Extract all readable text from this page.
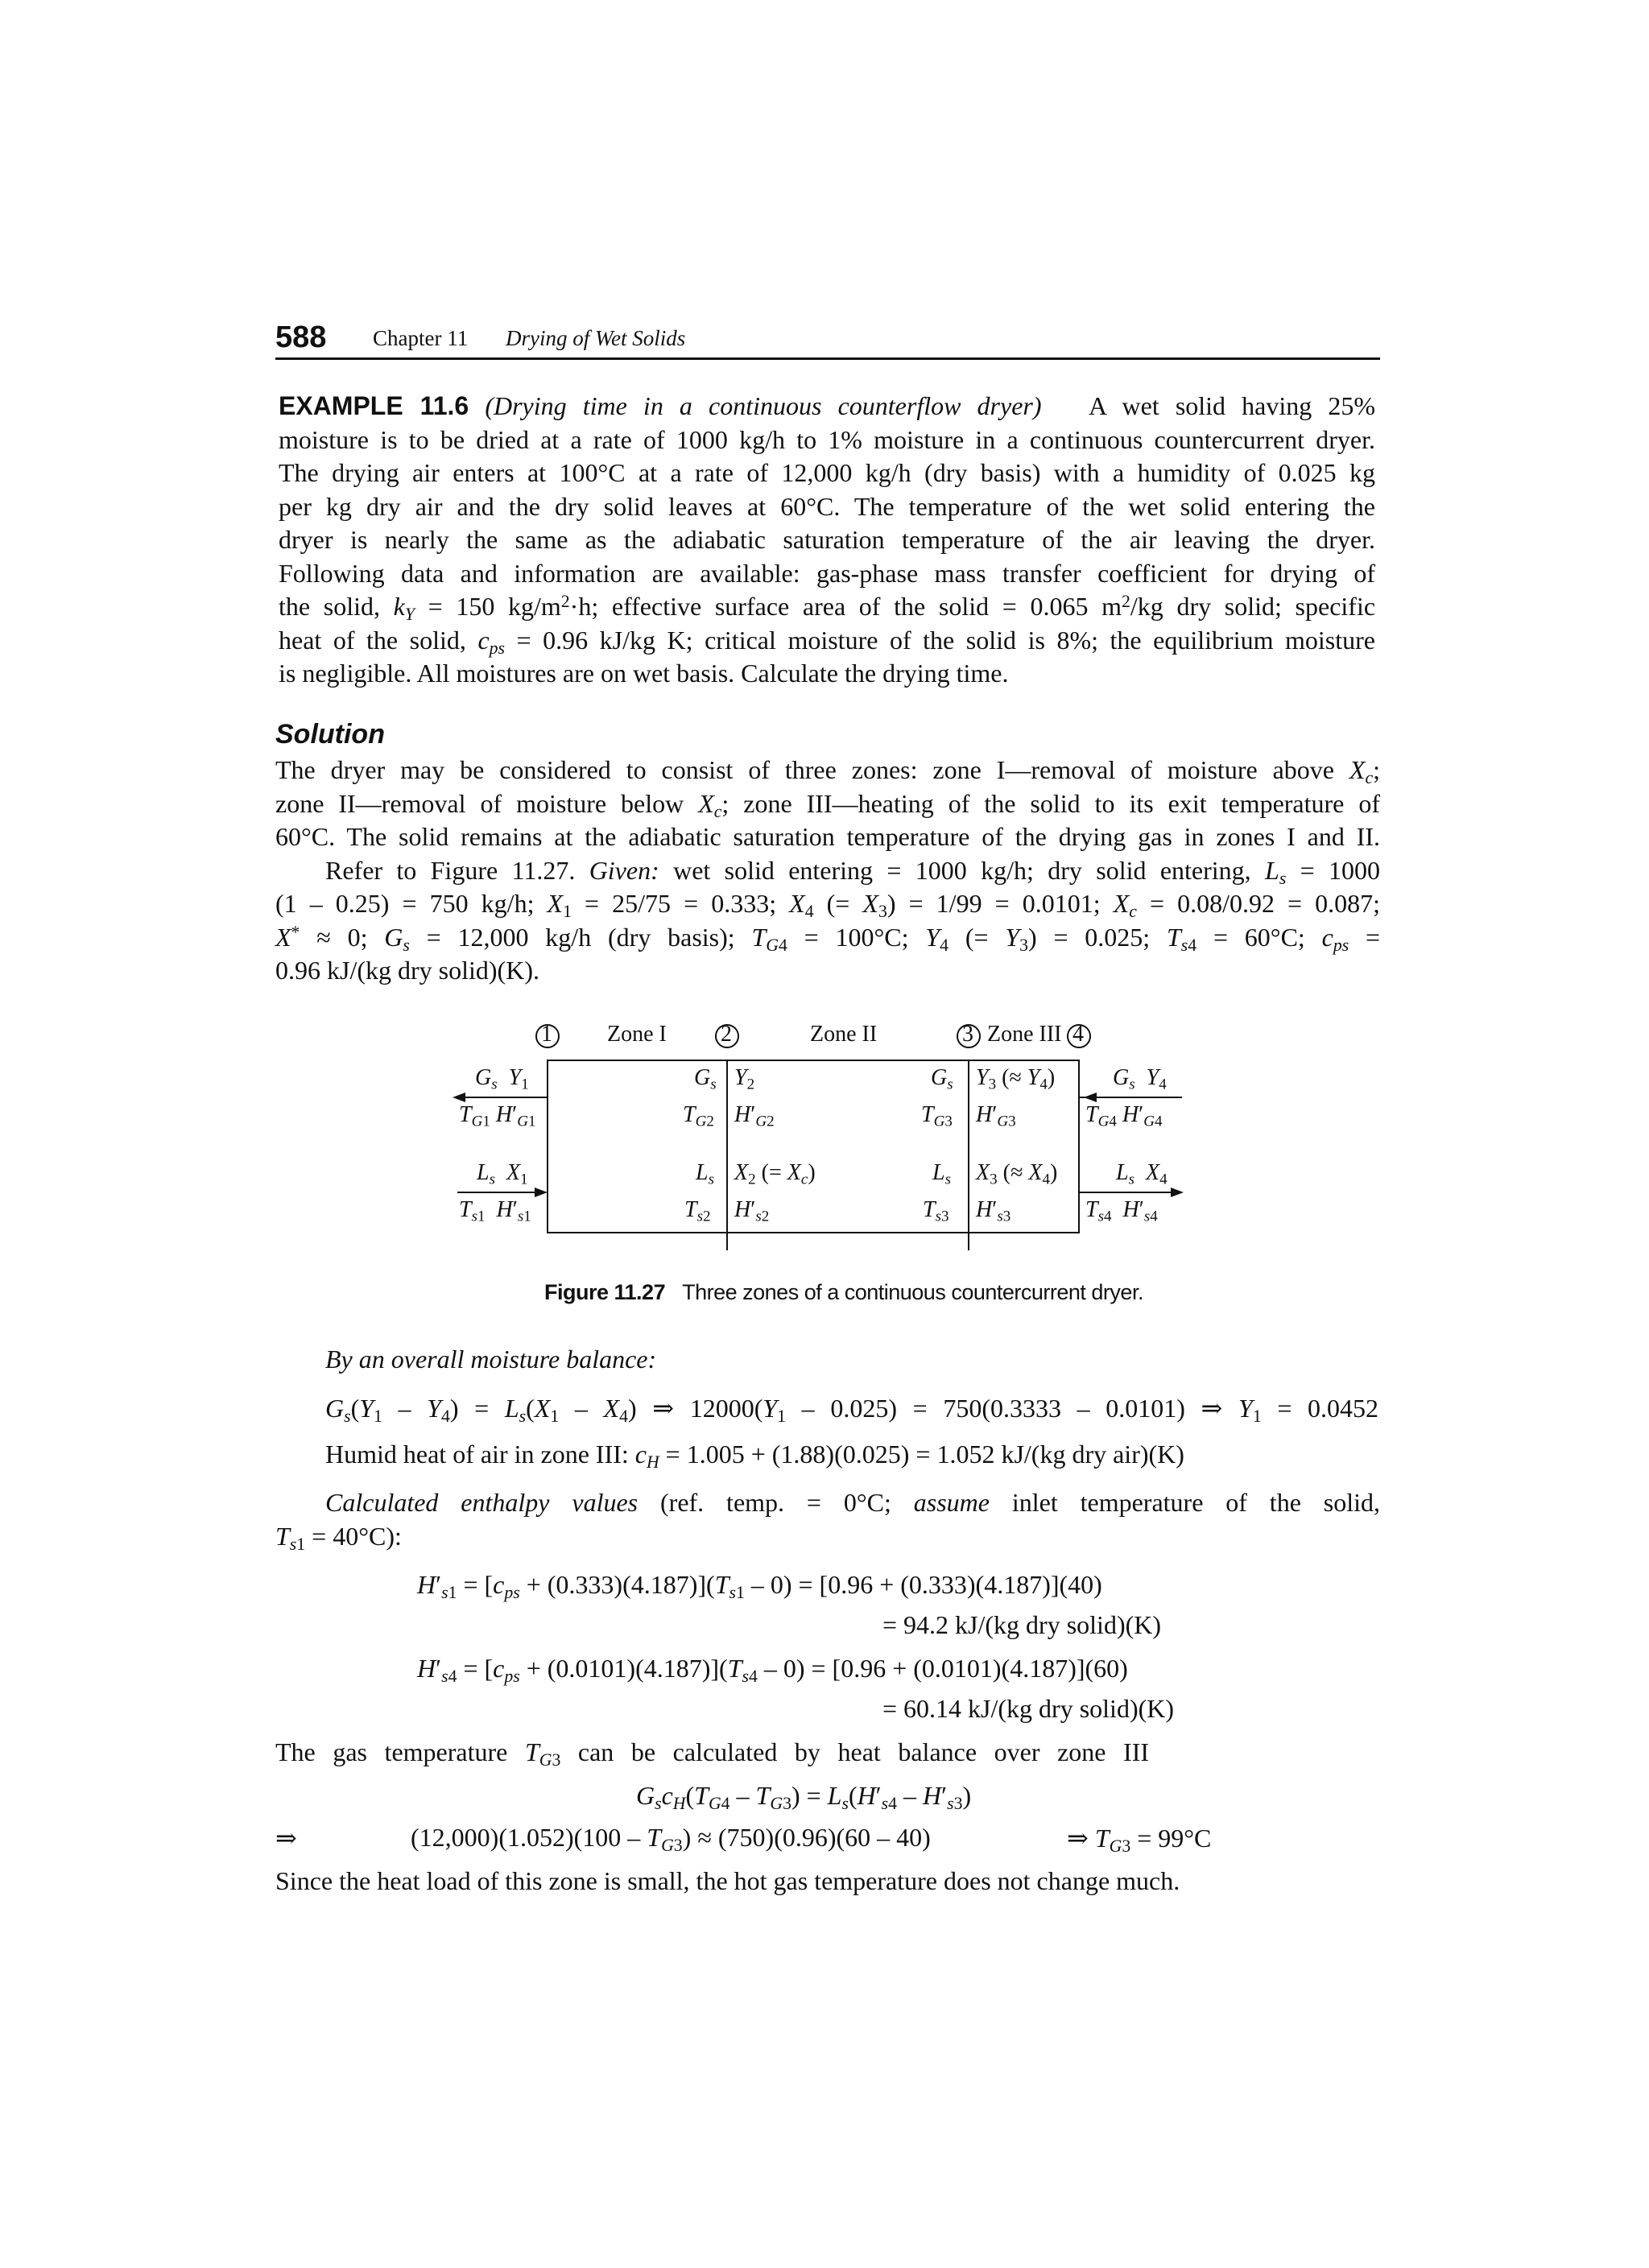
588 Chapter 11 Drying of Wet Solids
EXAMPLE 11.6 (Drying time in a continuous counterflow dryer)   A wet solid having 25%
moisture is to be dried at a rate of 1000 kg/h to 1% moisture in a continuous countercurrent dryer.
The drying air enters at 100°C at a rate of 12,000 kg/h (dry basis) with a humidity of 0.025 kg
per kg dry air and the dry solid leaves at 60°C. The temperature of the wet solid entering the
dryer is nearly the same as the adiabatic saturation temperature of the air leaving the dryer.
Following data and information are available: gas-phase mass transfer coefficient for drying of
the solid, $k_Y = 150$ $kg/m^2\cdot h$; effective surface area of the solid = 0.065 $m^2/kg$ dry solid; specific
heat of the solid, $c_{ps} = 0.96$ kJ/kg K; critical moisture of the solid is 8%; the equilibrium moisture
is negligible. All moistures are on wet basis. Calculate the drying time.
Solution
The dryer may be considered to consist of three zones: zone I—removal of moisture above $X_c$;
zone II—removal of moisture below $X_c$; zone III—heating of the solid to its exit temperature of
60°C. The solid remains at the adiabatic saturation temperature of the drying gas in zones I and II.
Refer to Figure 11.27. Given: wet solid entering = 1000 kg/h; dry solid entering, $L_s = 1000$
(1 – 0.25) = 750 kg/h; $X_1 = 25/75 = 0.333$; $X_4$ (= $X_3) = 1/99 = 0.0101$; $X_c = 0.08/0.92 = 0.087$;
X* ≈ 0; $G_s = 12,000$ kg/h (dry basis); $T_{G4} = 100^\circ C$; $Y_4$ (= $Y_3) = 0.025$; $T_{s4} = 60^\circ C$; $c_{ps}$ =
0.96 kJ/(kg dry solid)(K).
1	2	3	4
Zone I	Zone II	Zone III
$G_s$ $Y_1$
$T_{G1}$ $H'_{G1}$
$L_s$ $X_1$
$T_{s1}$ $H'_{s1}$
$G_s$ $Y_2$
$T_{G2}$ $H'_{G2}$
$L_s$ $X_2$ (= $X_c$)
$T_{s2}$ $H'_{s2}$
$G_s$ $Y_3$ (≈ $Y_4$)
$T_{G3}$ $H'_{G3}$
$L_s$ $X_3$ (≈ $X_4$)
$T_{s3}$ $H'_{s3}$
$G_s$ $Y_4$
$T_{G4}$ $H'_{G4}$
$L_s$ $X_4$
$T_{s4}$ $H'_{s4}$
Figure 11.27 Three zones of a continuous countercurrent dryer.
By an overall moisture balance:
$G_s(Y_1 - Y_4) = L_s(X_1 - X_4)$ ⇒ $12000(Y_1 - 0.025) = 750(0.3333 - 0.0101)$ ⇒ $Y_1 = 0.0452$
Humid heat of air in zone III: $c_H = 1.005 + (1.88)(0.025) = 1.052$ kJ/(kg dry air)(K)
Calculated enthalpy values (ref. temp. = 0°C; assume inlet temperature of the solid,
$T_{s1} = 40^\circ C$):
$H'_{s1} = [c_{ps} + (0.333)(4.187)](T_{s1} - 0) = [0.96 + (0.333)(4.187)](40)$
= 94.2 kJ/(kg dry solid)(K)
$H'_{s4} = [c_{ps} + (0.0101)(4.187)](T_{s4} - 0) = [0.96 + (0.0101)(4.187)](60)$
= 60.14 kJ/(kg dry solid)(K)
The gas temperature $T_{G3}$ can be calculated by heat balance over zone III
$G_sc_H(T_{G4} - T_{G3}) = L_s(H'_{s4} - H'_{s3})$
⇒	$(12,000)(1.052)(100 - T_{G3}) \approx (750)(0.96)(60 - 40)$	⇒ $T_{G3} = 99^\circ C$
Since the heat load of this zone is small, the hot gas temperature does not change much.
